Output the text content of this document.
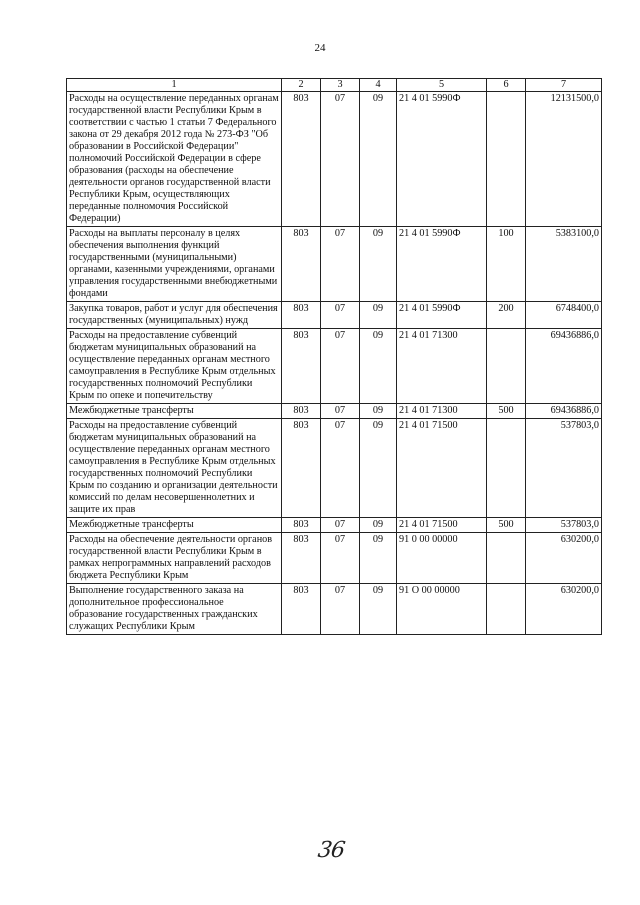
24
1	2	3	4	5	6	7
Расходы на осуществление переданных органам государственной власти Республики Крым в соответствии с частью 1 статьи 7 Федерального закона от 29 декабря 2012 года № 273-ФЗ "Об образовании в Российской Федерации" полномочий Российской Федерации в сфере образования (расходы на обеспечение деятельности органов государственной власти Республики Крым, осуществляющих переданные полномочия Российской Федерации)	803	07	09	21 4 01 5990Ф		12131500,0
Расходы на выплаты персоналу в целях обеспечения выполнения функций государственными (муниципальными) органами, казенными учреждениями, органами управления государственными внебюджетными фондами	803	07	09	21 4 01 5990Ф	100	5383100,0
Закупка товаров, работ и услуг для обеспечения государственных (муниципальных) нужд	803	07	09	21 4 01 5990Ф	200	6748400,0
Расходы на предоставление субвенций бюджетам муниципальных образований на осуществление переданных органам местного самоуправления в Республике Крым отдельных государственных полномочий Республики Крым по опеке и попечительству	803	07	09	21 4 01 71300		69436886,0
Межбюджетные трансферты	803	07	09	21 4 01 71300	500	69436886,0
Расходы на предоставление субвенций бюджетам муниципальных образований на осуществление переданных органам местного самоуправления в Республике Крым отдельных государственных полномочий Республики Крым по созданию и организации деятельности комиссий по делам несовершеннолетних и защите их прав	803	07	09	21 4 01 71500		537803,0
Межбюджетные трансферты	803	07	09	21 4 01 71500	500	537803,0
Расходы на обеспечение деятельности органов государственной власти Республики Крым в рамках непрограммных направлений расходов бюджета Республики Крым	803	07	09	91 0 00 00000		630200,0
Выполнение государственного заказа на дополнительное профессиональное образование государственных гражданских служащих Республики Крым	803	07	09	91 О 00 00000		630200,0
36
